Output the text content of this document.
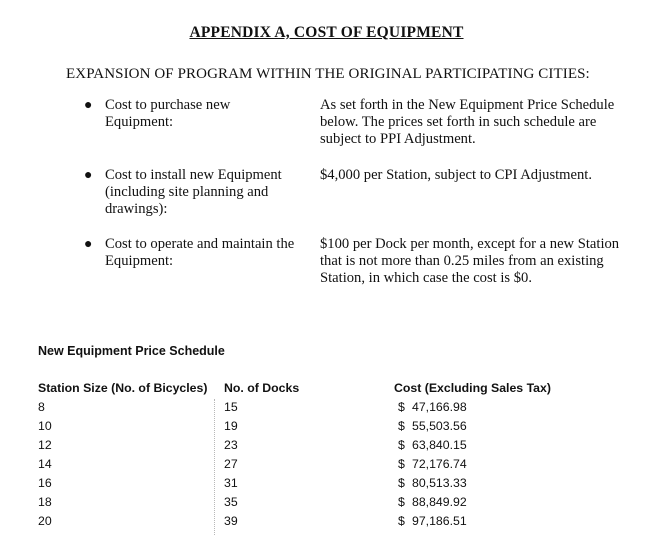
APPENDIX A, COST OF EQUIPMENT
EXPANSION OF PROGRAM WITHIN THE ORIGINAL PARTICIPATING CITIES:
● Cost to purchase new
Equipment:
As set forth in the New Equipment Price Schedule
below. The prices set forth in such schedule are
subject to PPI Adjustment.
● Cost to install new Equipment
(including site planning and
drawings):
$4,000 per Station, subject to CPI Adjustment.
● Cost to operate and maintain the
Equipment:
$100 per Dock per month, except for a new Station
that is not more than 0.25 miles from an existing
Station, in which case the cost is $0.
New Equipment Price Schedule
Station Size (No. of Bicycles) No. of Docks	Cost (Excluding Sales Tax)
8	15	$ 47,166.98
10	19	$ 55,503.56
12	23	$ 63,840.15
14	27	$ 72,176.74
16	31	$ 80,513.33
18	35	$ 88,849.92
20	39	$ 97,186.51
